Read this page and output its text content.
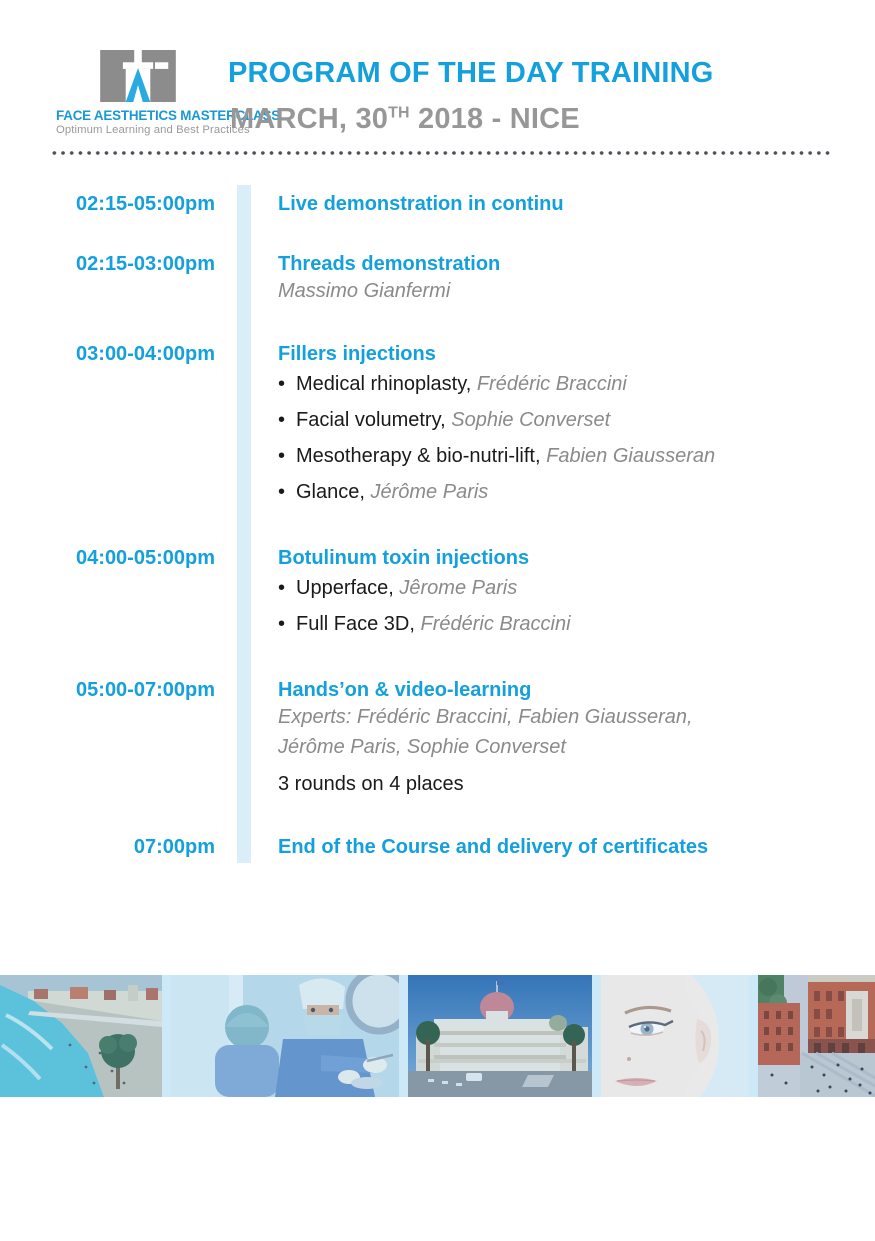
FACE AESTHETICS MASTERCLASS
Optimum Learning and Best Practices
PROGRAM OF THE DAY TRAINING
MARCH, 30TH 2018 - NICE
02:15-05:00pm	Live demonstration in continu
02:15-03:00pm	Threads demonstration
Massimo Gianfermi
03:00-04:00pm	Fillers injections
• Medical rhinoplasty, Frédéric Braccini
• Facial volumetry, Sophie Converset
• Mesotherapy & bio-nutri-lift, Fabien Giausseran
• Glance, Jérôme Paris
04:00-05:00pm	Botulinum toxin injections
• Upperface, Jêrome Paris
• Full Face 3D, Frédéric Braccini
05:00-07:00pm	Hands’on & video-learning
Experts: Frédéric Braccini, Fabien Giausseran,
Jérôme Paris, Sophie Converset
3 rounds on 4 places
07:00pm	End of the Course and delivery of certificates
